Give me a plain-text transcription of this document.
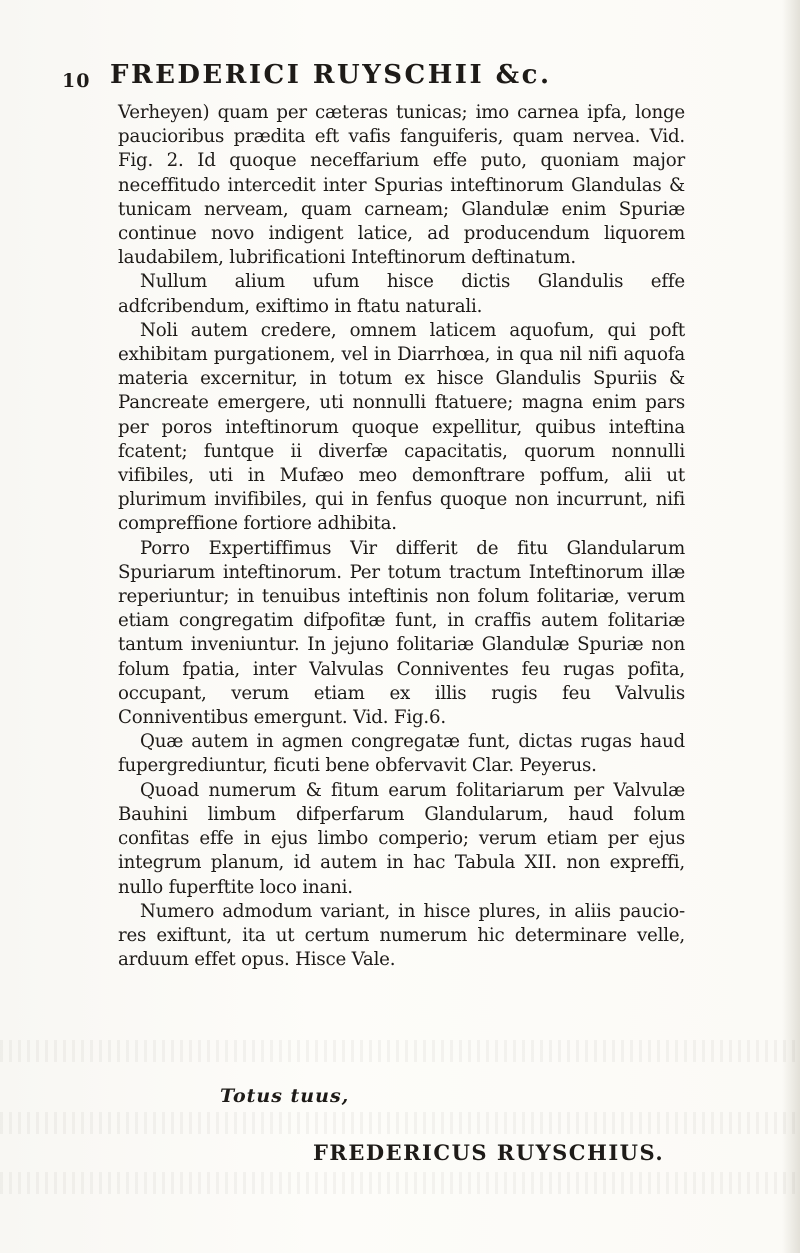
10 FREDERICI RUYSCHII &c.

Verheyen) quam per cæteras tunicas; imo carnea ipfa, longe paucioribus prædita eft vafis fanguiferis, quam nervea. Vid. Fig. 2. Id quoque neceffarium effe puto, quoniam major neceffitudo intercedit inter Spurias inteftinorum Glandulas & tunicam nerveam, quam carneam; Glandulæ enim Spuriæ continue novo indigent latice, ad producendum liquorem laudabilem, lubrificationi Inteftinorum deftinatum.

Nullum alium ufum hisce dictis Glandulis effe adfcribendum, exiftimo in ftatu naturali.

Noli autem credere, omnem laticem aquofum, qui poft exhibitam purgationem, vel in Diarrhœa, in qua nil nifi aquofa materia excernitur, in totum ex hisce Glandulis Spuriis & Pancreate emergere, uti nonnulli ftatuere; magna enim pars per poros inteftinorum quoque expellitur, quibus inteftina fcatent; funtque ii diverfæ capacitatis, quorum nonnulli vifibiles, uti in Mufæo meo demonftrare poffum, alii ut plurimum invifibiles, qui in fenfus quoque non incurrunt, nifi compreffione fortiore adhibita.

Porro Expertiffimus Vir differit de fitu Glandularum Spuriarum inteftinorum. Per totum tractum Inteftinorum illæ reperiuntur; in tenuibus inteftinis non folum folitariæ, verum etiam congregatim difpofitæ funt, in craffis autem folitariæ tantum inveniuntur. In jejuno folitariæ Glandulæ Spuriæ non folum fpatia, inter Valvulas Conniventes feu rugas pofita, occupant, verum etiam ex illis rugis feu Valvulis Conniventibus emergunt. Vid. Fig.6.

Quæ autem in agmen congregatæ funt, dictas rugas haud fupergrediuntur, ficuti bene obfervavit Clar. Peyerus.

Quoad numerum & fitum earum folitariarum per Valvulæ Bauhini limbum difperfarum Glandularum, haud folum confitas effe in ejus limbo comperio; verum etiam per ejus integrum planum, id autem in hac Tabula XII. non expreffi, nullo fuperftite loco inani.

Numero admodum variant, in hisce plures, in aliis paucio-res exiftunt, ita ut certum numerum hic determinare velle, arduum effet opus. Hisce Vale.

Totus tuus,
FREDERICUS RUYSCHIUS.
